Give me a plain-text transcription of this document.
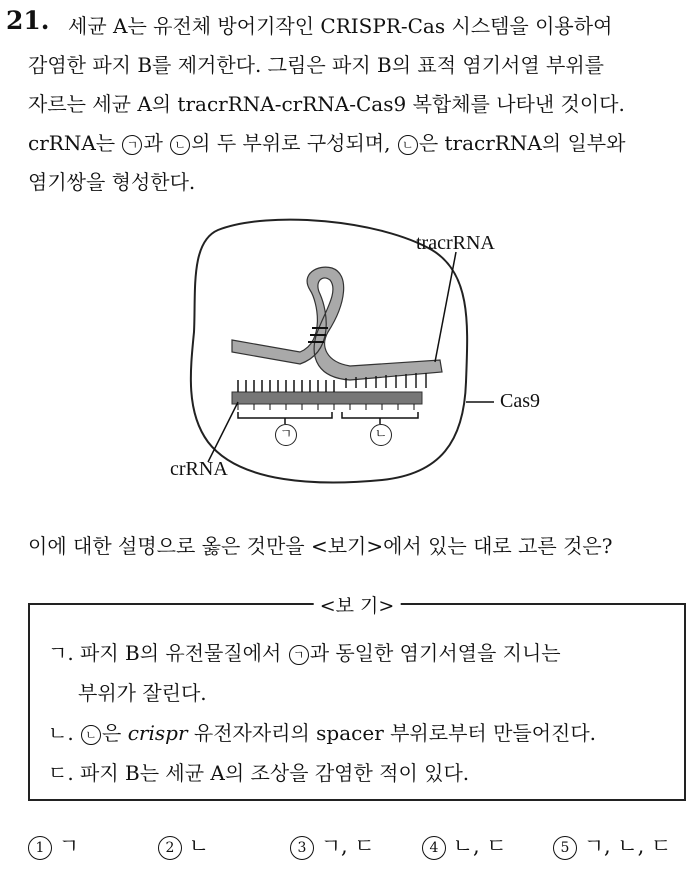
21. 세균 A는 유전체 방어기작인 CRISPR-Cas 시스템을 이용하여
감염한 파지 B를 제거한다. 그림은 파지 B의 표적 염기서열 부위를
자르는 세균 A의 tracrRNA-crRNA-Cas9 복합체를 나타낸 것이다.
crRNA는 ㄱ 과 ㄴ 의 두 부위로 구성되며, ㄴ 은 tracrRNA의 일부와
염기쌍을 형성한다.
tracrRNA
Cas9
crRNA
ㄱ	ㄴ
이에 대한 설명으로 옳은 것만을 <보기>에서 있는 대로 고른 것은?
<보 기>
ㄱ. 파지 B의 유전물질에서 ㄱ 과 동일한 염기서열을 지니는
부위가 잘린다.
ㄴ. ㄴ 은 crispr 유전자자리의 spacer 부위로부터 만들어진다.
ㄷ. 파지 B는 세균 A의 조상을 감염한 적이 있다.
1 ㄱ	2 ㄴ	3 ㄱ, ㄷ	4 ㄴ, ㄷ	5 ㄱ, ㄴ, ㄷ
